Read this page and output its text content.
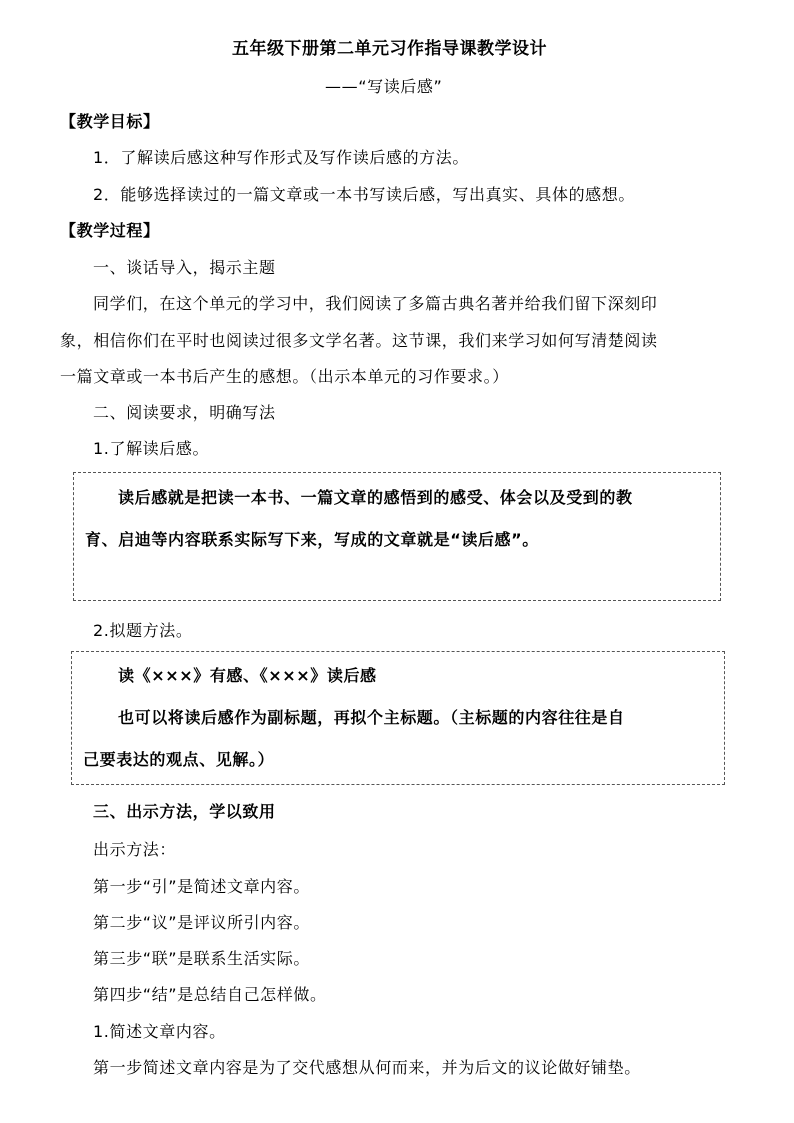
五年级下册第二单元习作指导课教学设计
——“写读后感”
【教学目标】
1．了解读后感这种写作形式及写作读后感的方法。
2．能够选择读过的一篇文章或一本书写读后感，写出真实、具体的感想。
【教学过程】
一、谈话导入，揭示主题
同学们，在这个单元的学习中，我们阅读了多篇古典名著并给我们留下深刻印
象，相信你们在平时也阅读过很多文学名著。这节课，我们来学习如何写清楚阅读
一篇文章或一本书后产生的感想。（出示本单元的习作要求。）
二、阅读要求，明确写法
1.了解读后感。
读后感就是把读一本书、一篇文章的感悟到的感受、体会以及受到的教
育、启迪等内容联系实际写下来，写成的文章就是“读后感”。
2.拟题方法。
读《×××》有感、《×××》读后感
也可以将读后感作为副标题，再拟个主标题。（主标题的内容往往是自
己要表达的观点、见解。）
三、出示方法，学以致用
出示方法：
第一步“引”是简述文章内容。
第二步“议”是评议所引内容。
第三步“联”是联系生活实际。
第四步“结”是总结自己怎样做。
1.简述文章内容。
第一步简述文章内容是为了交代感想从何而来，并为后文的议论做好铺垫。
